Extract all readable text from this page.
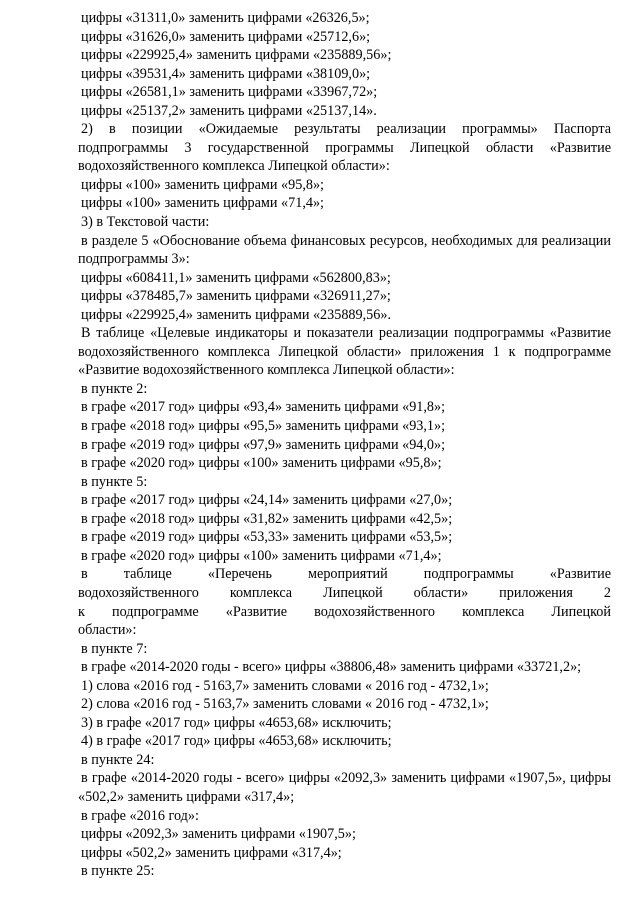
цифры «31311,0» заменить цифрами «26326,5»;

цифры «31626,0» заменить цифрами «25712,6»;

цифры «229925,4» заменить цифрами «235889,56»;

цифры «39531,4» заменить цифрами «38109,0»;

цифры «26581,1» заменить цифрами «33967,72»;

цифры «25137,2» заменить цифрами «25137,14».

2) в позиции «Ожидаемые результаты реализации программы» Паспорта подпрограммы 3 государственной программы Липецкой области «Развитие водохозяйственного комплекса Липецкой области»:

цифры «100» заменить цифрами «95,8»;

цифры «100» заменить цифрами «71,4»;

3) в Текстовой части:

в разделе 5 «Обоснование объема финансовых ресурсов, необходимых для реализации подпрограммы 3»:

цифры «608411,1» заменить цифрами «562800,83»;

цифры «378485,7» заменить цифрами «326911,27»;

цифры «229925,4» заменить цифрами «235889,56».

В таблице «Целевые индикаторы и показатели реализации подпрограммы «Развитие водохозяйственного комплекса Липецкой области» приложения 1 к подпрограмме «Развитие водохозяйственного комплекса Липецкой области»:

в пункте 2:

в графе «2017 год» цифры «93,4» заменить цифрами «91,8»;

в графе «2018 год» цифры «95,5» заменить цифрами «93,1»;

в графе «2019 год» цифры «97,9» заменить цифрами «94,0»;

в графе «2020 год» цифры «100» заменить цифрами «95,8»;

в пункте 5:

в графе «2017 год» цифры «24,14» заменить цифрами «27,0»;

в графе «2018 год» цифры «31,82» заменить цифрами «42,5»;

в графе «2019 год» цифры «53,33» заменить цифрами «53,5»;

в графе «2020 год» цифры «100» заменить цифрами «71,4»;

в таблице «Перечень мероприятий подпрограммы «Развитие водохозяйственного комплекса Липецкой области» приложения 2 к подпрограмме «Развитие водохозяйственного комплекса Липецкой области»:

в пункте 7:

в графе «2014-2020 годы - всего» цифры «38806,48» заменить цифрами «33721,2»;

1) слова «2016 год - 5163,7» заменить словами « 2016 год - 4732,1»;

2) слова «2016 год - 5163,7» заменить словами « 2016 год - 4732,1»;

3) в графе «2017 год» цифры «4653,68» исключить;

4) в графе «2017 год» цифры «4653,68» исключить;

в пункте 24:

в графе «2014-2020 годы - всего» цифры «2092,3» заменить цифрами «1907,5», цифры «502,2» заменить цифрами «317,4»;

в графе «2016 год»:

цифры «2092,3» заменить цифрами «1907,5»;

цифры «502,2» заменить цифрами «317,4»;

в пункте 25:
